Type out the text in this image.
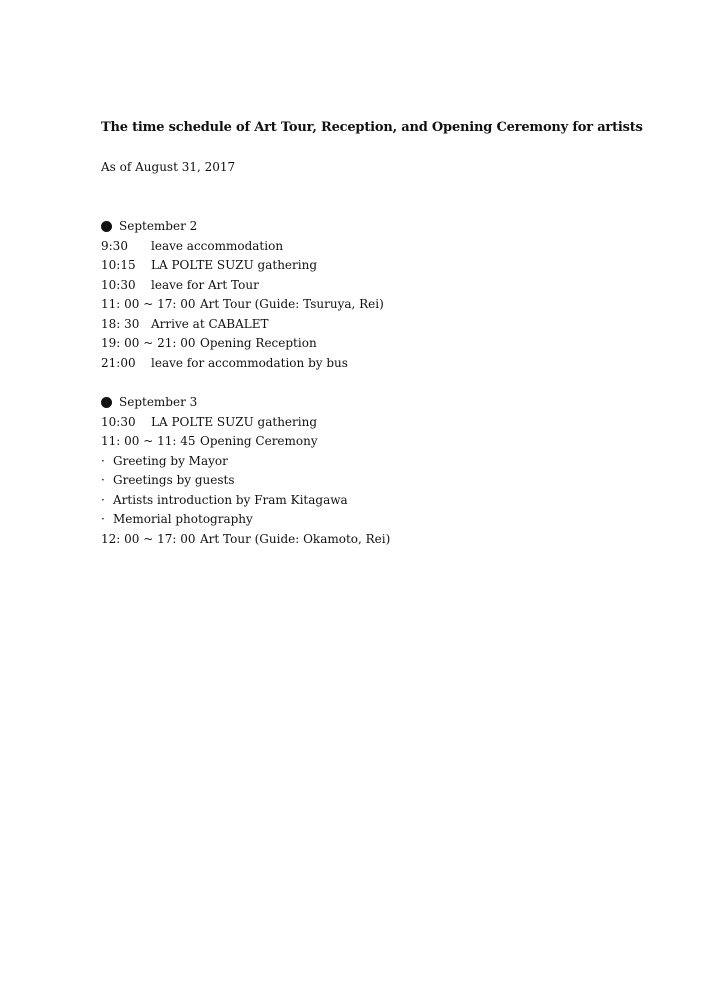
The time schedule of Art Tour, Reception, and Opening Ceremony for artists
As of August 31, 2017
September 2
9:30	leave accommodation
10:15	LA POLTE SUZU gathering
10:30	leave for Art Tour
11: 00 ~ 17: 00 Art Tour (Guide: Tsuruya, Rei)
18: 30 Arrive at CABALET
19: 00 ~ 21: 00 Opening Reception
21:00	leave for accommodation by bus
September 3
10:30	LA POLTE SUZU gathering
11: 00 ~ 11: 45 Opening Ceremony
· Greeting by Mayor
· Greetings by guests
· Artists introduction by Fram Kitagawa
· Memorial photography
12: 00 ~ 17: 00 Art Tour (Guide: Okamoto, Rei)
